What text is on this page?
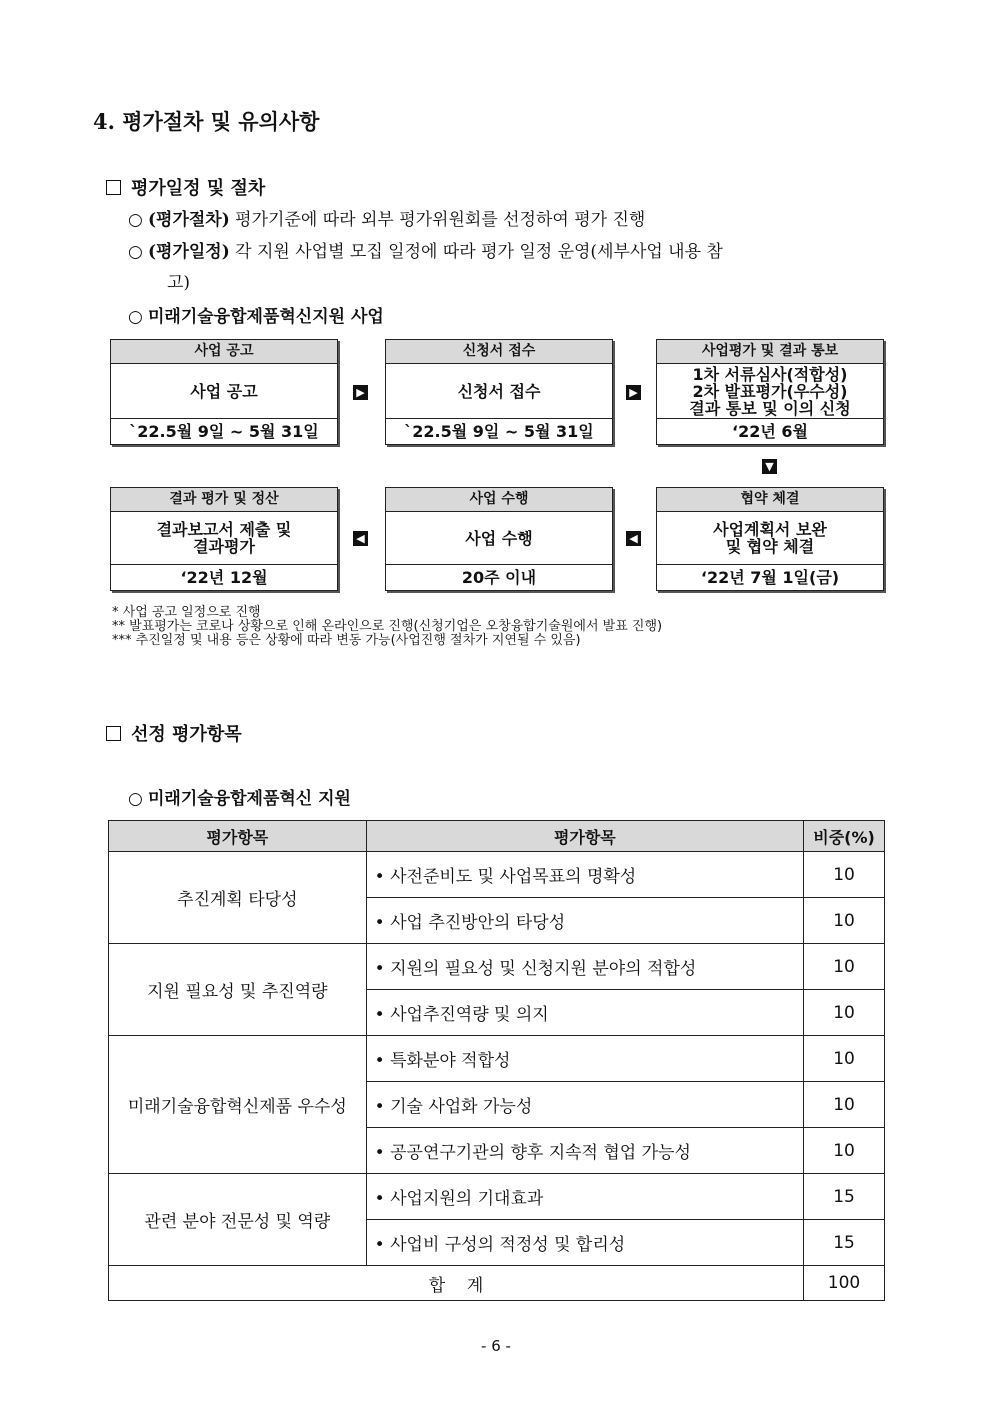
4. 평가절차 및 유의사항
평가일정 및 절차
○ (평가절차) 평가기준에 따라 외부 평가위원회를 선정하여 평가 진행
○ (평가일정) 각 지원 사업별 모집 일정에 따라 평가 일정 운영(세부사업 내용 참
고)
○ 미래기술융합제품혁신지원 사업
사업 공고
사업 공고
`22.5월 9일 ~ 5월 31일
▶
신청서 접수
신청서 접수
`22.5월 9일 ~ 5월 31일
▶
사업평가 및 결과 통보
1차 서류심사(적합성)
2차 발표평가(우수성)
결과 통보 및 이의 신청
‘22년 6월
▼
결과 평가 및 정산
결과보고서 제출 및
결과평가
‘22년 12월
◀
사업 수행
사업 수행
20주 이내
◀
협약 체결
사업계획서 보완
및 협약 체결
‘22년 7월 1일(금)
* 사업 공고 일정으로 진행
** 발표평가는 코로나 상황으로 인해 온라인으로 진행(신청기업은 오창융합기술원에서 발표 진행)
*** 추진일정 및 내용 등은 상황에 따라 변동 가능(사업진행 절차가 지연될 수 있음)
선정 평가항목
○ 미래기술융합제품혁신 지원
평가항목	평가항목	비중(%)
추진계획 타당성	• 사전준비도 및 사업목표의 명확성	10
	• 사업 추진방안의 타당성	10
지원 필요성 및 추진역량	• 지원의 필요성 및 신청지원 분야의 적합성	10
	• 사업추진역량 및 의지	10
미래기술융합혁신제품 우수성	• 특화분야 적합성	10
	• 기술 사업화 가능성	10
	• 공공연구기관의 향후 지속적 협업 가능성	10
관련 분야 전문성 및 역량	• 사업지원의 기대효과	15
	• 사업비 구성의 적정성 및 합리성	15
합    계		100
- 6 -
